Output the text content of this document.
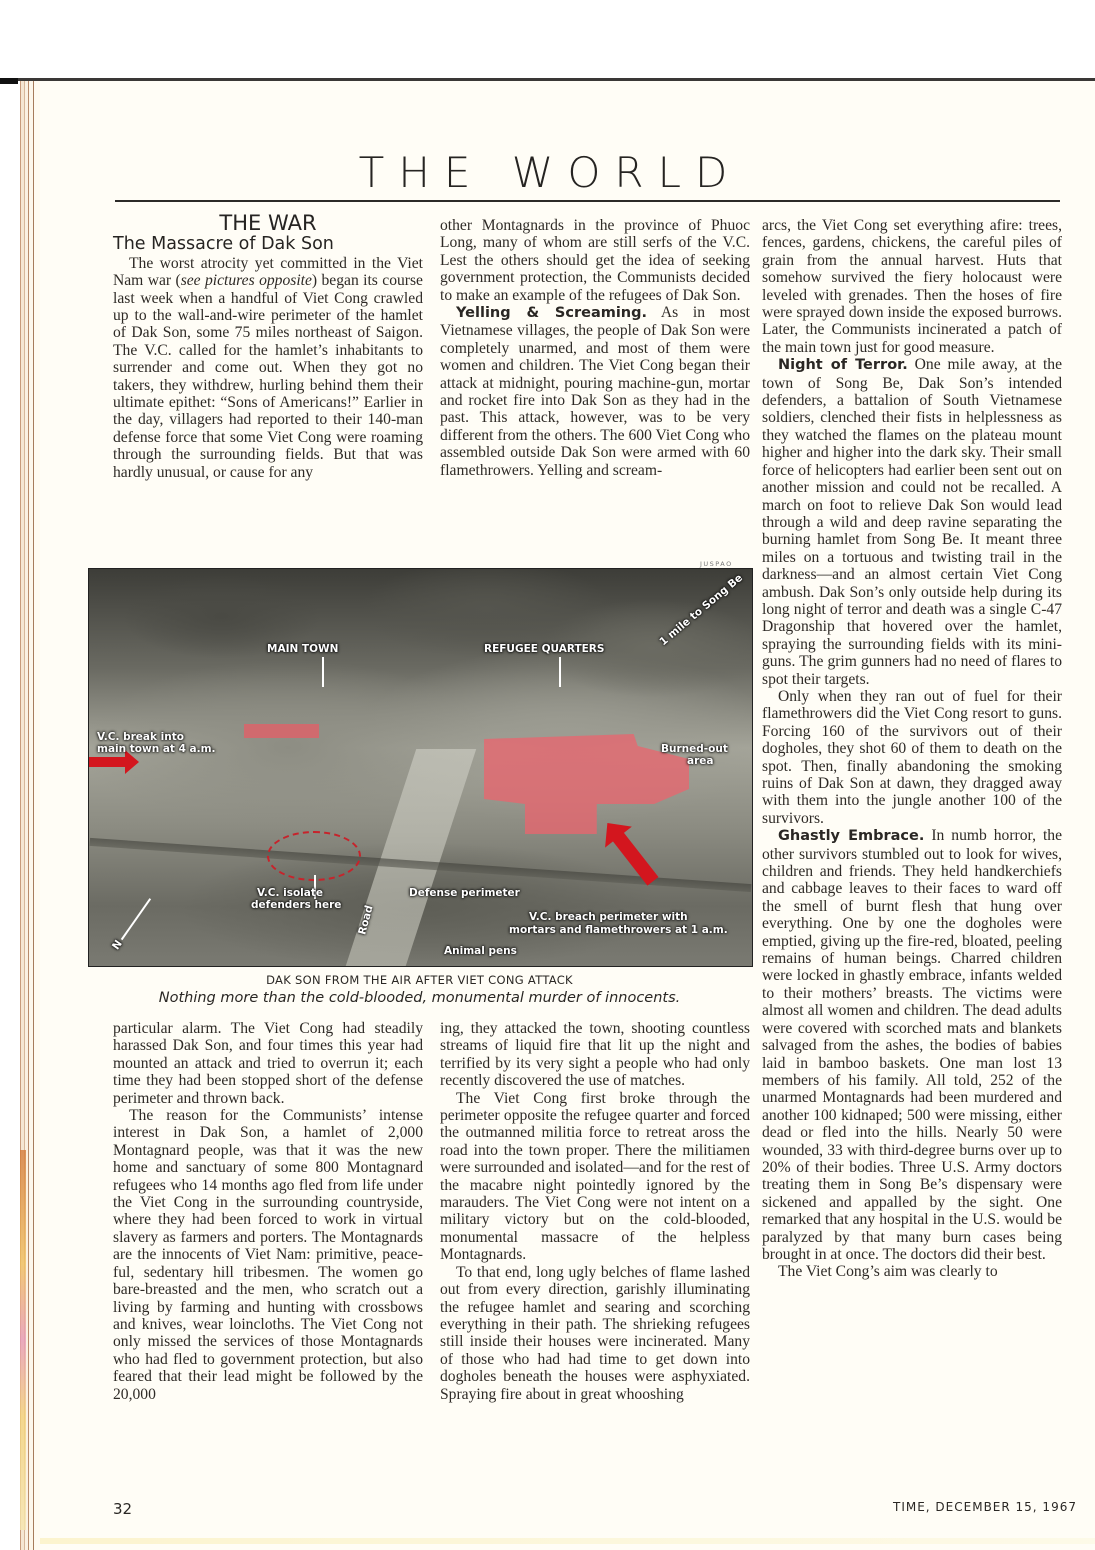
THE WORLD
THE WAR
The Massacre of Dak Son

The worst atrocity yet committed in the Viet Nam war (see pictures opposite) began its course last week when a handful of Viet Cong crawled up to the wall-and-wire perimeter of the hamlet of Dak Son, some 75 miles northeast of Saigon. The V.C. called for the hamlet’s inhabitants to surrender and come out. When they got no takers, they withdrew, hurling behind them their ultimate epithet: “Sons of Americans!” Earlier in the day, villagers had reported to their 140-man defense force that some Viet Cong were roaming through the surrounding fields. But that was hardly unusual, or cause for any

other Montagnards in the province of Phuoc Long, many of whom are still serfs of the V.C. Lest the others should get the idea of seeking government protection, the Communists decided to make an example of the refugees of Dak Son.

Yelling & Screaming. As in most Vietnamese villages, the people of Dak Son were completely unarmed, and most of them were women and children. The Viet Cong began their attack at midnight, pouring machine-gun, mortar and rocket fire into Dak Son as they had in the past. This attack, however, was to be very different from the others. The 600 Viet Cong who assembled outside Dak Son were armed with 60 flamethrowers. Yelling and scream-

arcs, the Viet Cong set everything afire: trees, fences, gardens, chickens, the careful piles of grain from the annual harvest. Huts that somehow survived the fiery holocaust were leveled with grenades. Then the hoses of fire were sprayed down inside the exposed burrows. Later, the Communists incinerated a patch of the main town just for good measure.

Night of Terror. One mile away, at the town of Song Be, Dak Son’s intended defenders, a battalion of South Vietnamese soldiers, clenched their fists in helplessness as they watched the flames on the plateau mount higher and higher into the dark sky. Their small force of helicopters had earlier been sent out on another mission and could not be recalled. A march on foot to relieve Dak Son would lead through a wild and deep ravine separating the burning hamlet from Song Be. It meant three miles on a tortuous and twisting trail in the darkness—and an almost certain Viet Cong ambush. Dak Son’s only outside help during its long night of terror and death was a single C-47 Dragonship that hovered over the hamlet, spraying the surrounding fields with its miniguns. The grim gunners had no need of flares to spot their targets.

Only when they ran out of fuel for their flamethrowers did the Viet Cong resort to guns. Forcing 160 of the survivors out of their dogholes, they shot 60 of them to death on the spot. Then, finally abandoning the smoking ruins of Dak Son at dawn, they dragged away with them into the jungle another 100 of the survivors.

Ghastly Embrace. In numb horror, the other survivors stumbled out to look for wives, children and friends. They held handkerchiefs and cabbage leaves to their faces to ward off the smell of burnt flesh that hung over everything. One by one the dogholes were emptied, giving up the fire-red, bloated, peeling remains of human beings. Charred children were locked in ghastly embrace, infants welded to their mothers’ breasts. The victims were almost all women and children. The dead adults were covered with scorched mats and blankets salvaged from the ashes, the bodies of babies laid in bamboo baskets. One man lost 13 members of his family. All told, 252 of the unarmed Montagnards had been murdered and another 100 kidnaped; 500 were missing, either dead or fled into the hills. Nearly 50 were wounded, 33 with third-degree burns over up to 20% of their bodies. Three U.S. Army doctors treating them in Song Be’s dispensary were sickened and appalled by the sight. One remarked that any hospital in the U.S. would be paralyzed by that many burn cases being brought in at once. The doctors did their best.

The Viet Cong’s aim was clearly to

JUSPAO
MAIN TOWN	REFUGEE QUARTERS
1 mile to Song Be
V.C. break into
main town at 4 a.m.	Burned-out
area
V.C. isolate
defenders here Road
Defense perimeter
V.C. breach perimeter with
mortars and flamethrowers at 1 a.m.
Animal pens
N
DAK SON FROM THE AIR AFTER VIET CONG ATTACK
Nothing more than the cold-blooded, monumental murder of innocents.

particular alarm. The Viet Cong had steadily harassed Dak Son, and four times this year had mounted an attack and tried to overrun it; each time they had been stopped short of the defense perimeter and thrown back.

The reason for the Communists’ intense interest in Dak Son, a hamlet of 2,000 Montagnard people, was that it was the new home and sanctuary of some 800 Montagnard refugees who 14 months ago fled from life under the Viet Cong in the surrounding countryside, where they had been forced to work in virtual slavery as farmers and porters. The Montagnards are the innocents of Viet Nam: primitive, peaceful, sedentary hill tribesmen. The women go bare-breasted and the men, who scratch out a living by farming and hunting with crossbows and knives, wear loincloths. The Viet Cong not only missed the services of those Montagnards who had fled to government protection, but also feared that their lead might be followed by the 20,000

ing, they attacked the town, shooting countless streams of liquid fire that lit up the night and terrified by its very sight a people who had only recently discovered the use of matches.

The Viet Cong first broke through the perimeter opposite the refugee quarter and forced the outmanned militia force to retreat aross the road into the town proper. There the militiamen were surrounded and isolated—and for the rest of the macabre night pointedly ignored by the marauders. The Viet Cong were not intent on a military victory but on the cold-blooded, monumental massacre of the helpless Montagnards.

To that end, long ugly belches of flame lashed out from every direction, garishly illuminating the refugee hamlet and searing and scorching everything in their path. The shrieking refugees still inside their houses were incinerated. Many of those who had had time to get down into dogholes beneath the houses were asphyxiated. Spraying fire about in great whooshing

32	TIME, DECEMBER 15, 1967
